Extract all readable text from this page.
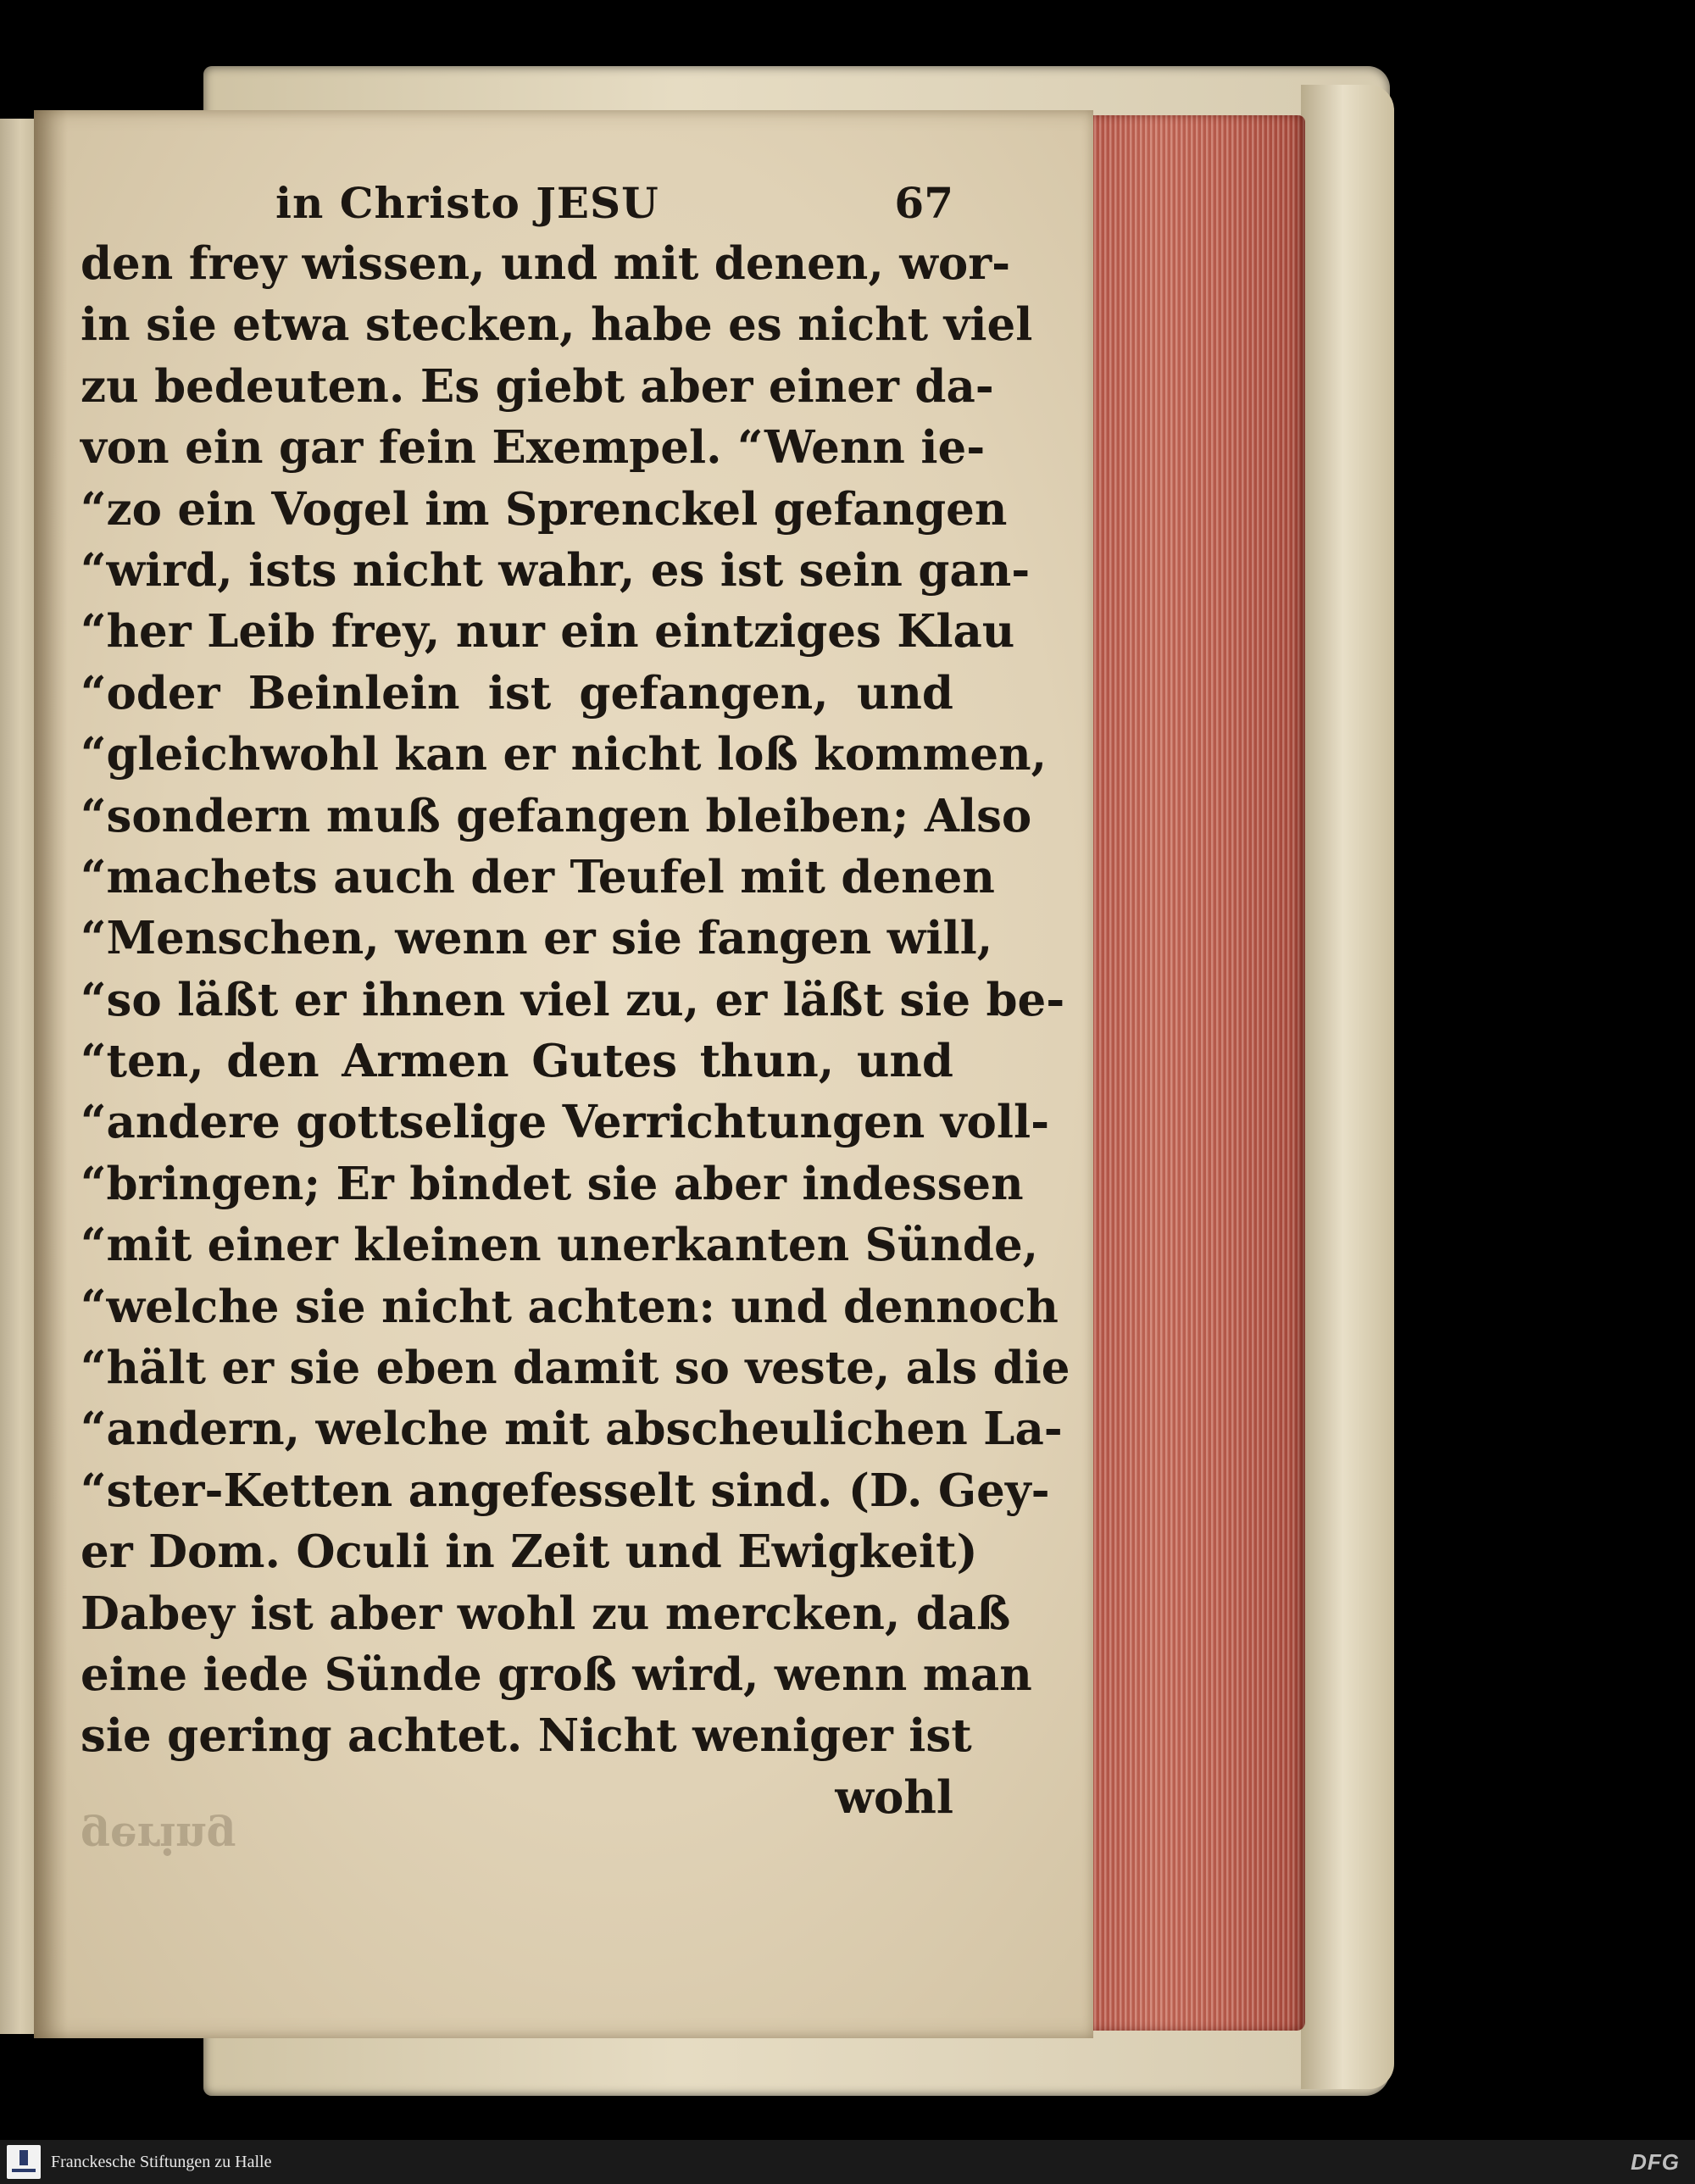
in Christo JESU	67
den frey wissen, und mit denen, wor-
in sie etwa stecken, habe es nicht viel
zu bedeuten. Es giebt aber einer da-
von ein gar fein Exempel. “Wenn ie-
“zo ein Vogel im Sprenckel gefangen
“wird, ists nicht wahr, es ist sein gan-
“her Leib frey, nur ein eintziges Klau
“oder Beinlein ist gefangen, und
“gleichwohl kan er nicht loß kommen,
“sondern muß gefangen bleiben; Also
“machets auch der Teufel mit denen
“Menschen, wenn er sie fangen will,
“so läßt er ihnen viel zu, er läßt sie be-
“ten, den Armen Gutes thun, und
“andere gottselige Verrichtungen voll-
“bringen; Er bindet sie aber indessen
“mit einer kleinen unerkanten Sünde,
“welche sie nicht achten: und dennoch
“hält er sie eben damit so veste, als die
“andern, welche mit abscheulichen La-
“ster-Ketten angefesselt sind. (D. Gey-
er Dom. Oculi in Zeit und Ewigkeit)
Dabey ist aber wohl zu mercken, daß
eine iede Sünde groß wird, wenn man
sie gering achtet. Nicht weniger ist
wohl
gering
Franckesche Stiftungen zu Halle	DFG
